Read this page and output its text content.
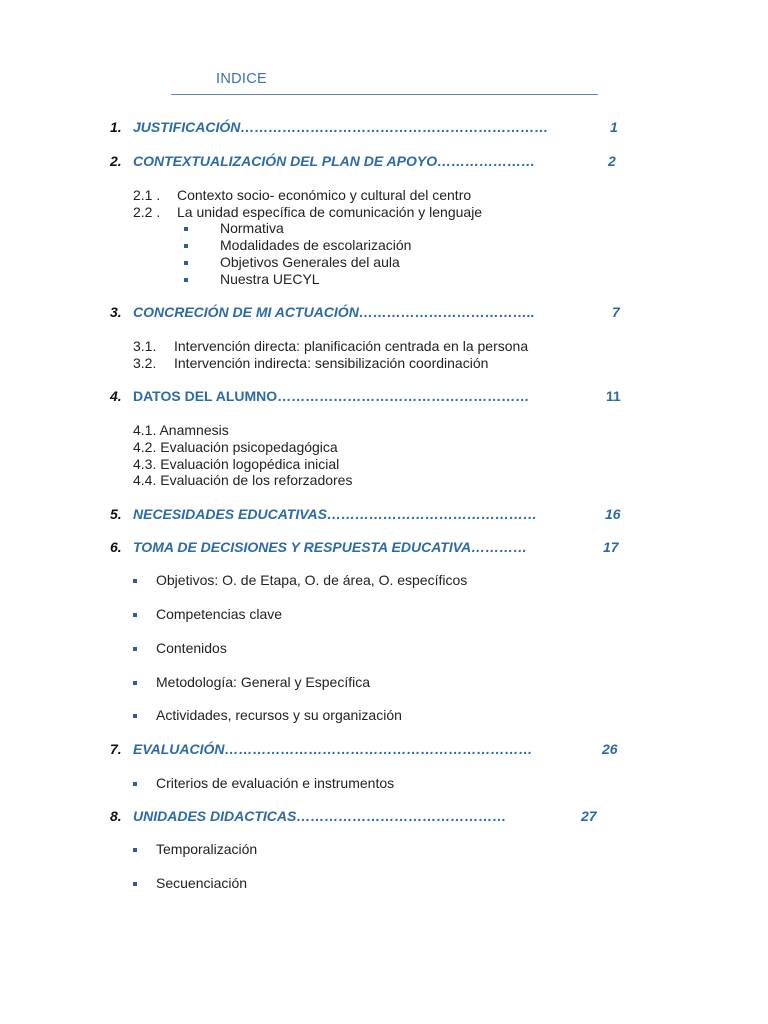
INDICE
1. JUSTIFICACIÓN…………………………………………………………	1
2. CONTEXTUALIZACIÓN DEL PLAN DE APOYO…………………	2
2.1 . Contexto socio- económico y cultural del centro
2.2 . La unidad específica de comunicación y lenguaje
Normativa
Modalidades de escolarización
Objetivos Generales del aula
Nuestra UECYL
3. CONCRECIÓN DE MI ACTUACIÓN………………………………..	7
3.1. Intervención directa: planificación centrada en la persona
3.2. Intervención indirecta: sensibilización coordinación
4. DATOS DEL ALUMNO………………………………………………	11
4.1. Anamnesis
4.2. Evaluación psicopedagógica
4.3. Evaluación logopédica inicial
4.4. Evaluación de los reforzadores
5. NECESIDADES EDUCATIVAS………………………………………	16
6. TOMA DE DECISIONES Y RESPUESTA EDUCATIVA…………	17
Objetivos: O. de Etapa, O. de área, O. específicos
Competencias clave
Contenidos
Metodología: General y Específica
Actividades, recursos y su organización
7. EVALUACIÓN…………………………………………………………	26
Criterios de evaluación e instrumentos
8. UNIDADES DIDACTICAS………………………………………	27
Temporalización
Secuenciación
